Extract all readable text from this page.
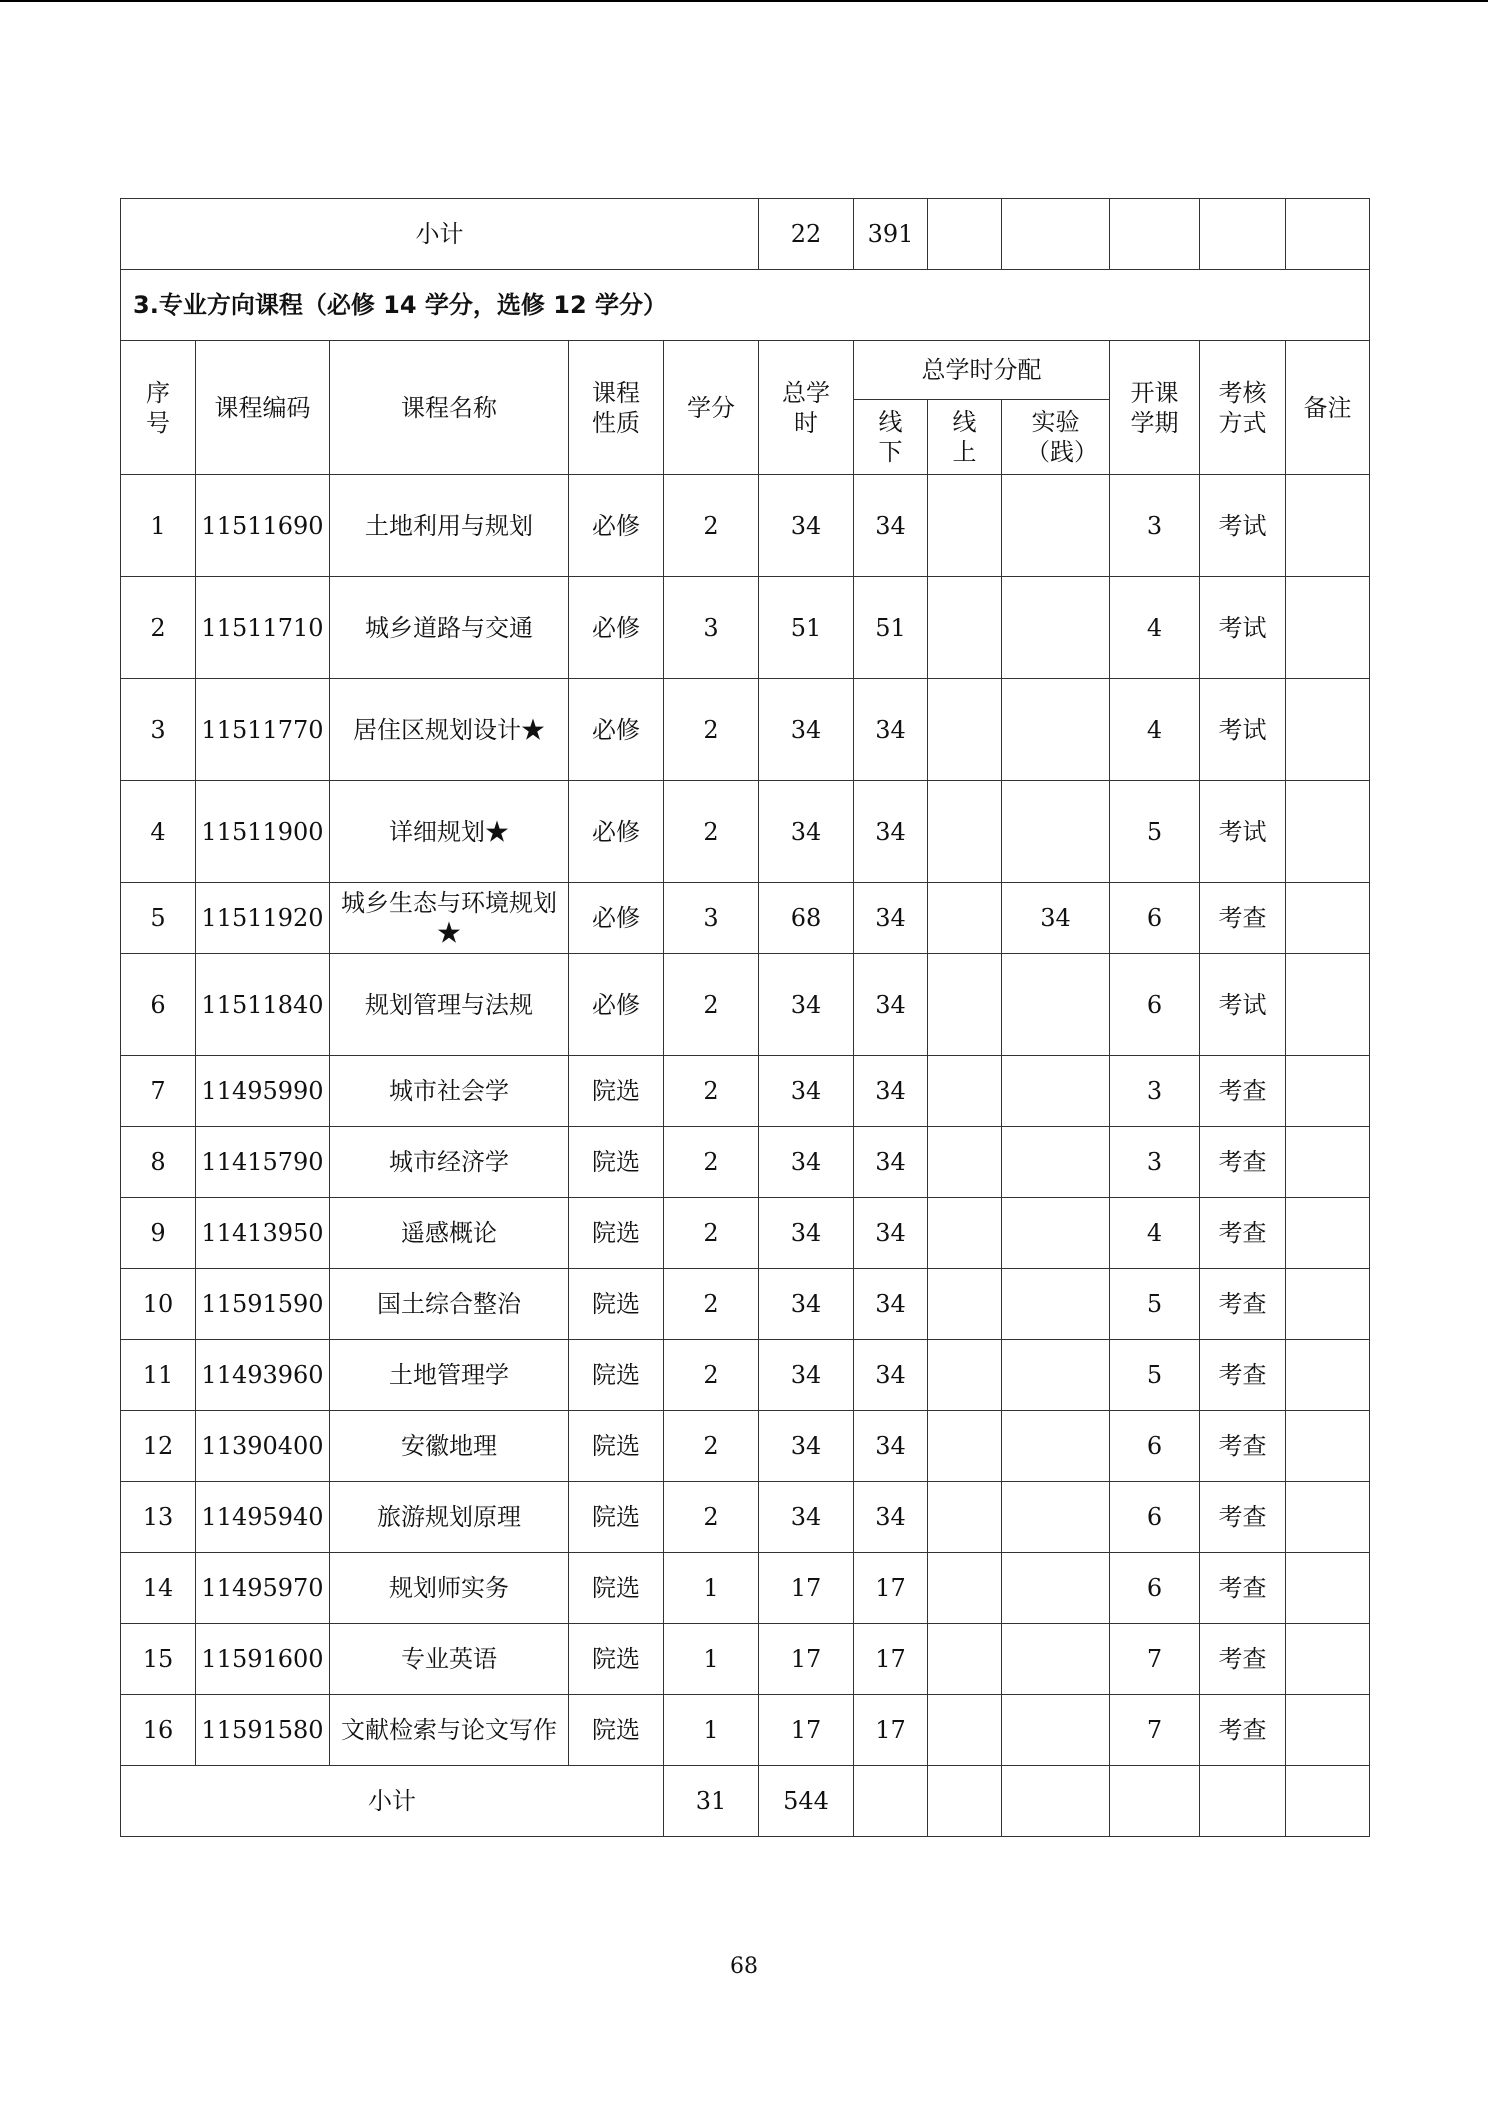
小计					22	391						
3.专业方向课程（必修 14 学分，选修 12 学分）												
序号	课程编码	课程名称	课程性质	学分	总学时	总学时分配			开课学期	考核方式	备注	
						线下	线上	实验（践）				
1	11511690	土地利用与规划	必修	2	34	34			3	考试		
2	11511710	城乡道路与交通	必修	3	51	51			4	考试		
3	11511770	居住区规划设计★	必修	2	34	34			4	考试		
4	11511900	详细规划★	必修	2	34	34			5	考试		
5	11511920	城乡生态与环境规划★	必修	3	68	34		34	6	考查		
6	11511840	规划管理与法规	必修	2	34	34			6	考试		
7	11495990	城市社会学	院选	2	34	34			3	考查		
8	11415790	城市经济学	院选	2	34	34			3	考查		
9	11413950	遥感概论	院选	2	34	34			4	考查		
10	11591590	国土综合整治	院选	2	34	34			5	考查		
11	11493960	土地管理学	院选	2	34	34			5	考查		
12	11390400	安徽地理	院选	2	34	34			6	考查		
13	11495940	旅游规划原理	院选	2	34	34			6	考查		
14	11495970	规划师实务	院选	1	17	17			6	考查		
15	11591600	专业英语	院选	1	17	17			7	考查		
16	11591580	文献检索与论文写作	院选	1	17	17			7	考查		
小计				31	544							
68
